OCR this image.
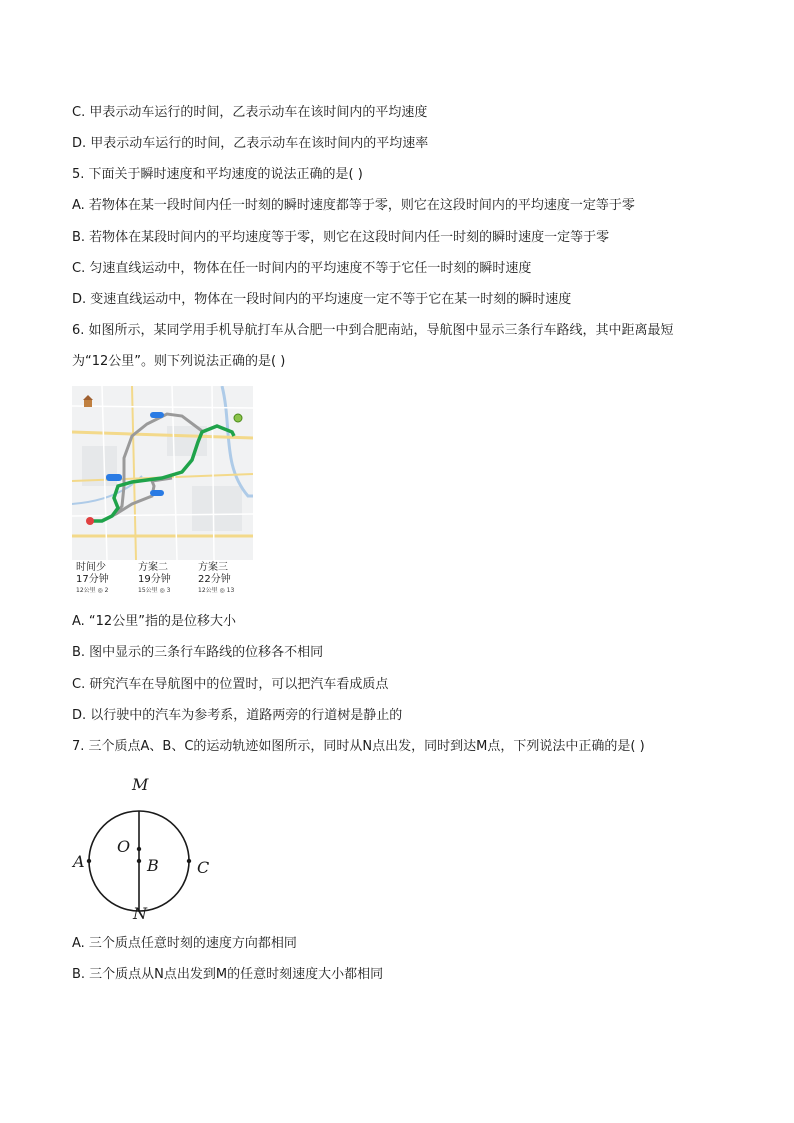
C. 甲表示动车运行的时间，乙表示动车在该时间内的平均速度
D. 甲表示动车运行的时间，乙表示动车在该时间内的平均速率
5. 下面关于瞬时速度和平均速度的说法正确的是( )
A. 若物体在某一段时间内任一时刻的瞬时速度都等于零，则它在这段时间内的平均速度一定等于零
B. 若物体在某段时间内的平均速度等于零，则它在这段时间内任一时刻的瞬时速度一定等于零
C. 匀速直线运动中，物体在任一时间内的平均速度不等于它任一时刻的瞬时速度
D. 变速直线运动中，物体在一段时间内的平均速度一定不等于它在某一时刻的瞬时速度
6. 如图所示，某同学用手机导航打车从合肥一中到合肥南站，导航图中显示三条行车路线，其中距离最短
为“12公里”。则下列说法正确的是( )
时间少
17分钟
12公里 ◎ 2
方案二
19分钟
15公里 ◎ 3
方案三
22分钟
12公里 ◎ 13
A. “12公里”指的是位移大小
B. 图中显示的三条行车路线的位移各不相同
C. 研究汽车在导航图中的位置时，可以把汽车看成质点
D. 以行驶中的汽车为参考系，道路两旁的行道树是静止的
7. 三个质点A、B、C的运动轨迹如图所示，同时从N点出发，同时到达M点，下列说法中正确的是( )
M
N
O
B
A	C
A. 三个质点任意时刻的速度方向都相同
B. 三个质点从N点出发到M的任意时刻速度大小都相同
